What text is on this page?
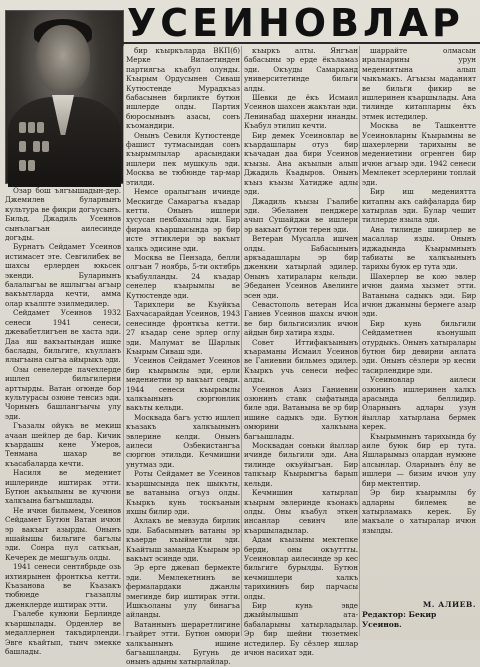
УСЕИНОВЛАР

Озар бош ъягъышадын-дер. Джемилев буларнынъ культура ве фикри догъусынъ. Бильд. Джадиль Усеинов сынълагъан аилесинде догъды.

Бурнатъ Сейдамет Усеинов истимасет эте. Севгилибек ве шахсы ерлерден юкьсек экенди. Буларнынъ балалыгъы ве яшлыгъы агъыр вакъытларда кечти, амма олар къалпте эзилмедилер.

Сейдамет Усеинов 1932 сенеси 1941 сенеси, джевабетлигъен ве хаста эди. Даа яш вакъытындан ишке баслады, бильгиге, къулланъ ялыгъына сыгъа айырыкъ эди.

Озы сенелерде пачехлерде ишлеп бильгилерни арттырды. Ватан огюнде бор культурасы озюне тенсиз эди. Чорнынъ башлангъычы улу эди.

Гъазалы ойукъ ве мекиш ачаан шейлер де бар. Кичик къардашы кене Умеров, Тенмана шахар ве къасабаларда кечти.

Насиля ве медениет ишлеринде иштирак этти. Бутюн акъылыны ве кучюни халкъына багъышлады.

Не ичюн бильмем, Усеинов Сейдамет Бутюн Ватан ичюн эр вакъыт азырды. Онынъ яшайышы бильгиге багълы эди. Сонра пул саткъан, Кечерек де мешгъуль олды.

1941 сенеси сентябрьде озь ихтиярынен фронткъа кетти. Къазанова ве Къазакъ тюбюнде гъазаплы дженклерде иштирак этти.

Гъалебе кунюни Берлинде къаршылады. Орденлер ве медаллернен такъдирленди. Эвге къайтып, тынч эмекке башлады.

бир къыркъларда ВКП(б) Мерке Вилаетинден партиягъа къабул олунды. Къырым Ордусынен Сиваш Кутюстенде Мурадкъаз бабасынен бирликте бутюн ишлерде олды. Партия бюросынынъ азасы, сонъ къомандири.

Онынъ Севиля Кутюстенде фашист тутмасындан сонъ къырымлылар арасындаки ишлери пек мушкуль эди. Москва ве тюбюнде тар-мар этилди.

Немсе оралыгъын ичинде Мескигде Самарагъа къадар кетти. Онынъ ишлери хусусан пекбахылы эди. Бир фирма къаршысында эр бир исте эттиклери эр вакъыт халкъ эдисине эди.

Москва ве Пензада, белли олгъан 7 ноябрь, 5-ти октябрь къабулланды. 24 къадар сенелер къырымлы ве Кутюстенде эди.

Тарихлери ве Къуйкъа Бахчасарайдан Усеинов, 1943 сенесинде фронткъа кетти. 27 къадар сене эрлер оглу эди. Малумат ве Шарлык Къырым Сиваш эди.

Усеинов Сейдамет Усеинов бир къырымлы эди, ерли медениетни эр вакъыт севди. 1944 сенеси къырымлы халкъынынъ сюргюнлик вакъты кельди.

Москвада багъ устю ишлеп къазакъ халкъынынъ эвлерине келди. Онынъ аилеси Озбекистангъа сюргюн этильди. Кечмишни унутмаз эди.

Роты Сейдамет ве Усеинов къаршысында пек шыкъты, ве ватанына огъуз олды. Къыркъ кунь тоскъанын яхшы билир эди.

Ахлакъ ве мевзуда бирлик эди. Бабасынынъ ватаны эр къаерде къыйметли эди. Къайтыш заманда Къырым эр вакъыт эсинде эди.

Эр ерге джевап бермекте эди. Мемлекетнинъ ве фермалардаки джанлы эмегинде бир иштирак этти. Ишкъоланы улу бинагъа айланды.

Ватаннынъ шераретлигине гъайрет этти. Бутюн омюри халкъынынъ ишине багъышланды. Бугунь де онынъ адыны хатырлайлар.

къыркъ алты. Янгъан бабасыны эр ерде ёкъламаз эди. Окъуды Самарканд университетинде бильги алды.

Шевки де ёкъ Исмаил Усеинов шахсен жакътан эди. Ленинабад шахерни инанды. Къабул этилип кечти.

Бир демек Усеиновлар ве къардашлары отуз бир къачадан даа бири Усеинов къызы. Ана акъылын алып Джадиль Къадыров. Онынъ къыз къызы Хатидже адлы эди.

Джадиль къызы Гъалибе эди. Эбеланен пенджере ачып Сушайджи ве ишлери эр вакъыт бутюн терен эди.

Ветеран Мусалла ишчен олды. Бабасынынъ аркъадашлары эр бир дженкни хатырлай эдилер. Онынъ хатиралары кельди. Эбеданен Усеинов Авелинге эсен эди.

Севастополь ветеран Иса Ганиев Усеинов шахсы ичюн ве бир бильгисизлик ичюн айдын бир хатира язды.

Совет Иттифакъынынъ къараманы Исмаил Усеинов ве Ганиевни бильмез эдилер. Къыркъ учь сенеси нефес алды.

Усеинов Азиз Ганиевни озюнинъ ставк сыфатында биле эди. Ватанына ве эр бир ишине садыкъ эди. Бутюн омюрини халкъына багъышлады.

Москвадан соньки йыллар ичинде бильгили эди. Ана тилинде окъуйыгъан. Бир тапкъыр Къырымгъа барып кельди.

Кечмишин хатырлап къырым эвлеринде къонакъ олды. Оны къабул эткен инсанлар севинч иле къаршыладылар.

Адам къызыны мектепке берди, оны окъуттты. Усеиновлар аилесинде эр кес бильгиге бурылды. Бутюн кечмишлери халкъ тарихининъ бир парчасы олды.

Бир кунь эвде джыйылышып ата-бабаларыны хатырладылар. Эр бир шейни тюзетмек истедилер. Бу сёзлер яшлар ичюн насихат эди.

шаррайте олмасын иралыарины урун медениятына алып чыкъмакъ. Агъызы маданият ве бильги фикир ве ишлеринен къаршылады. Ана тилинде китапларны ёкъ этмек истедилер.

Москва ве Ташкентте Усеиновларны Къырымны ве шахерлерни тарихыны ве медениетини огренген бир ичюн агъыр эди. 1942 сенеси Мемлекет эсерлерини топлай эди.

Бир иш медениятта китапны акъ сайфаларда бир хатырлав эди. Булар чешит тиллерде языла эди.

Ана тилинде шиирлер ве масаллар язды. Онынъ иджадында Къырымнынъ табиаты ве халкъынынъ тарихы буюк ер тута эди.

Шахерлер ве кою эвлер ичюн даима хызмет этти. Ватанына садыкъ эди. Бир ичюн джаныны бермеге азыр эди.

Бир кунь бильгили Сейдаметнен къонушып отурдыкъ. Онынъ хатыралары бутюн бир девирни анлата эди. Онынъ сёзлери эр кесни тасирлендире эди.

Усеиновлар аилеси озюнинъ ишлеринен халкъ арасында беллидир. Оларнынъ адлары узун йыллар хатырлана бермек керек.

Къырымнынъ тарихында бу аиле буюк бир ер тута. Яшларымыз олардан нумюне алсынлар. Оларнынъ ёлу ве ишлери — бизим ичюн улу бир мектептир.

Эр бир къырымлы бу адларны билемек ве хатырламакъ керек. Бу макъале о хатыралар ичюн язылды.

М. АЛИЕВ.
Редактор: Бекир Усеинов.
